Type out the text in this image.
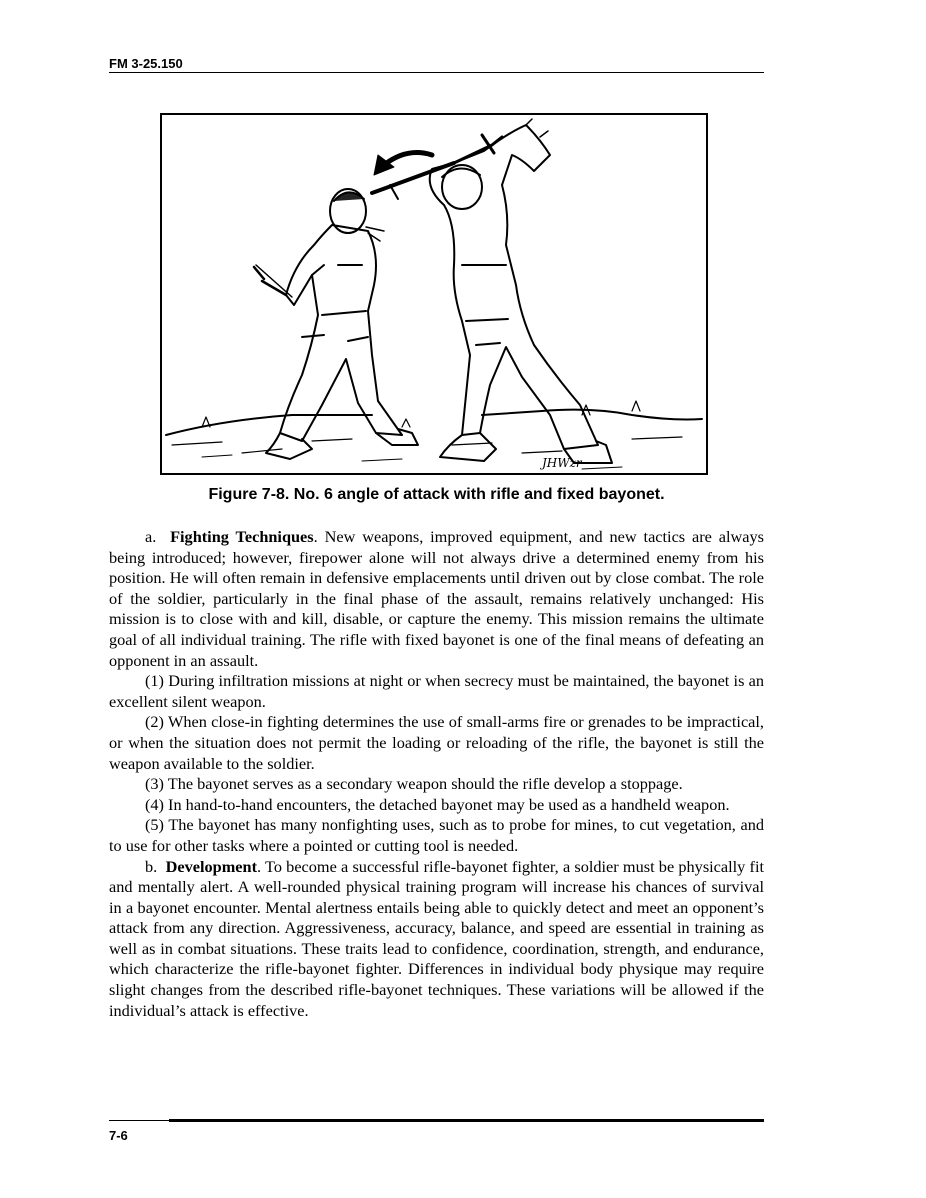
FM 3-25.150
JHWzr
Figure 7-8. No. 6 angle of attack with rifle and fixed bayonet.

a. Fighting Techniques. New weapons, improved equipment, and new tactics are always being introduced; however, firepower alone will not always drive a determined enemy from his position. He will often remain in defensive emplacements until driven out by close combat. The role of the soldier, particularly in the final phase of the assault, remains relatively unchanged: His mission is to close with and kill, disable, or capture the enemy. This mission remains the ultimate goal of all individual training. The rifle with fixed bayonet is one of the final means of defeating an opponent in an assault.

(1) During infiltration missions at night or when secrecy must be maintained, the bayonet is an excellent silent weapon.

(2) When close-in fighting determines the use of small-arms fire or grenades to be impractical, or when the situation does not permit the loading or reloading of the rifle, the bayonet is still the weapon available to the soldier.

(3) The bayonet serves as a secondary weapon should the rifle develop a stoppage.

(4) In hand-to-hand encounters, the detached bayonet may be used as a handheld weapon.

(5) The bayonet has many nonfighting uses, such as to probe for mines, to cut vegetation, and to use for other tasks where a pointed or cutting tool is needed.

b. Development. To become a successful rifle-bayonet fighter, a soldier must be physically fit and mentally alert. A well-rounded physical training program will increase his chances of survival in a bayonet encounter. Mental alertness entails being able to quickly detect and meet an opponent’s attack from any direction. Aggressiveness, accuracy, balance, and speed are essential in training as well as in combat situations. These traits lead to confidence, coordination, strength, and endurance, which characterize the rifle-bayonet fighter. Differences in individual body physique may require slight changes from the described rifle-bayonet techniques. These variations will be allowed if the individual’s attack is effective.

7-6
